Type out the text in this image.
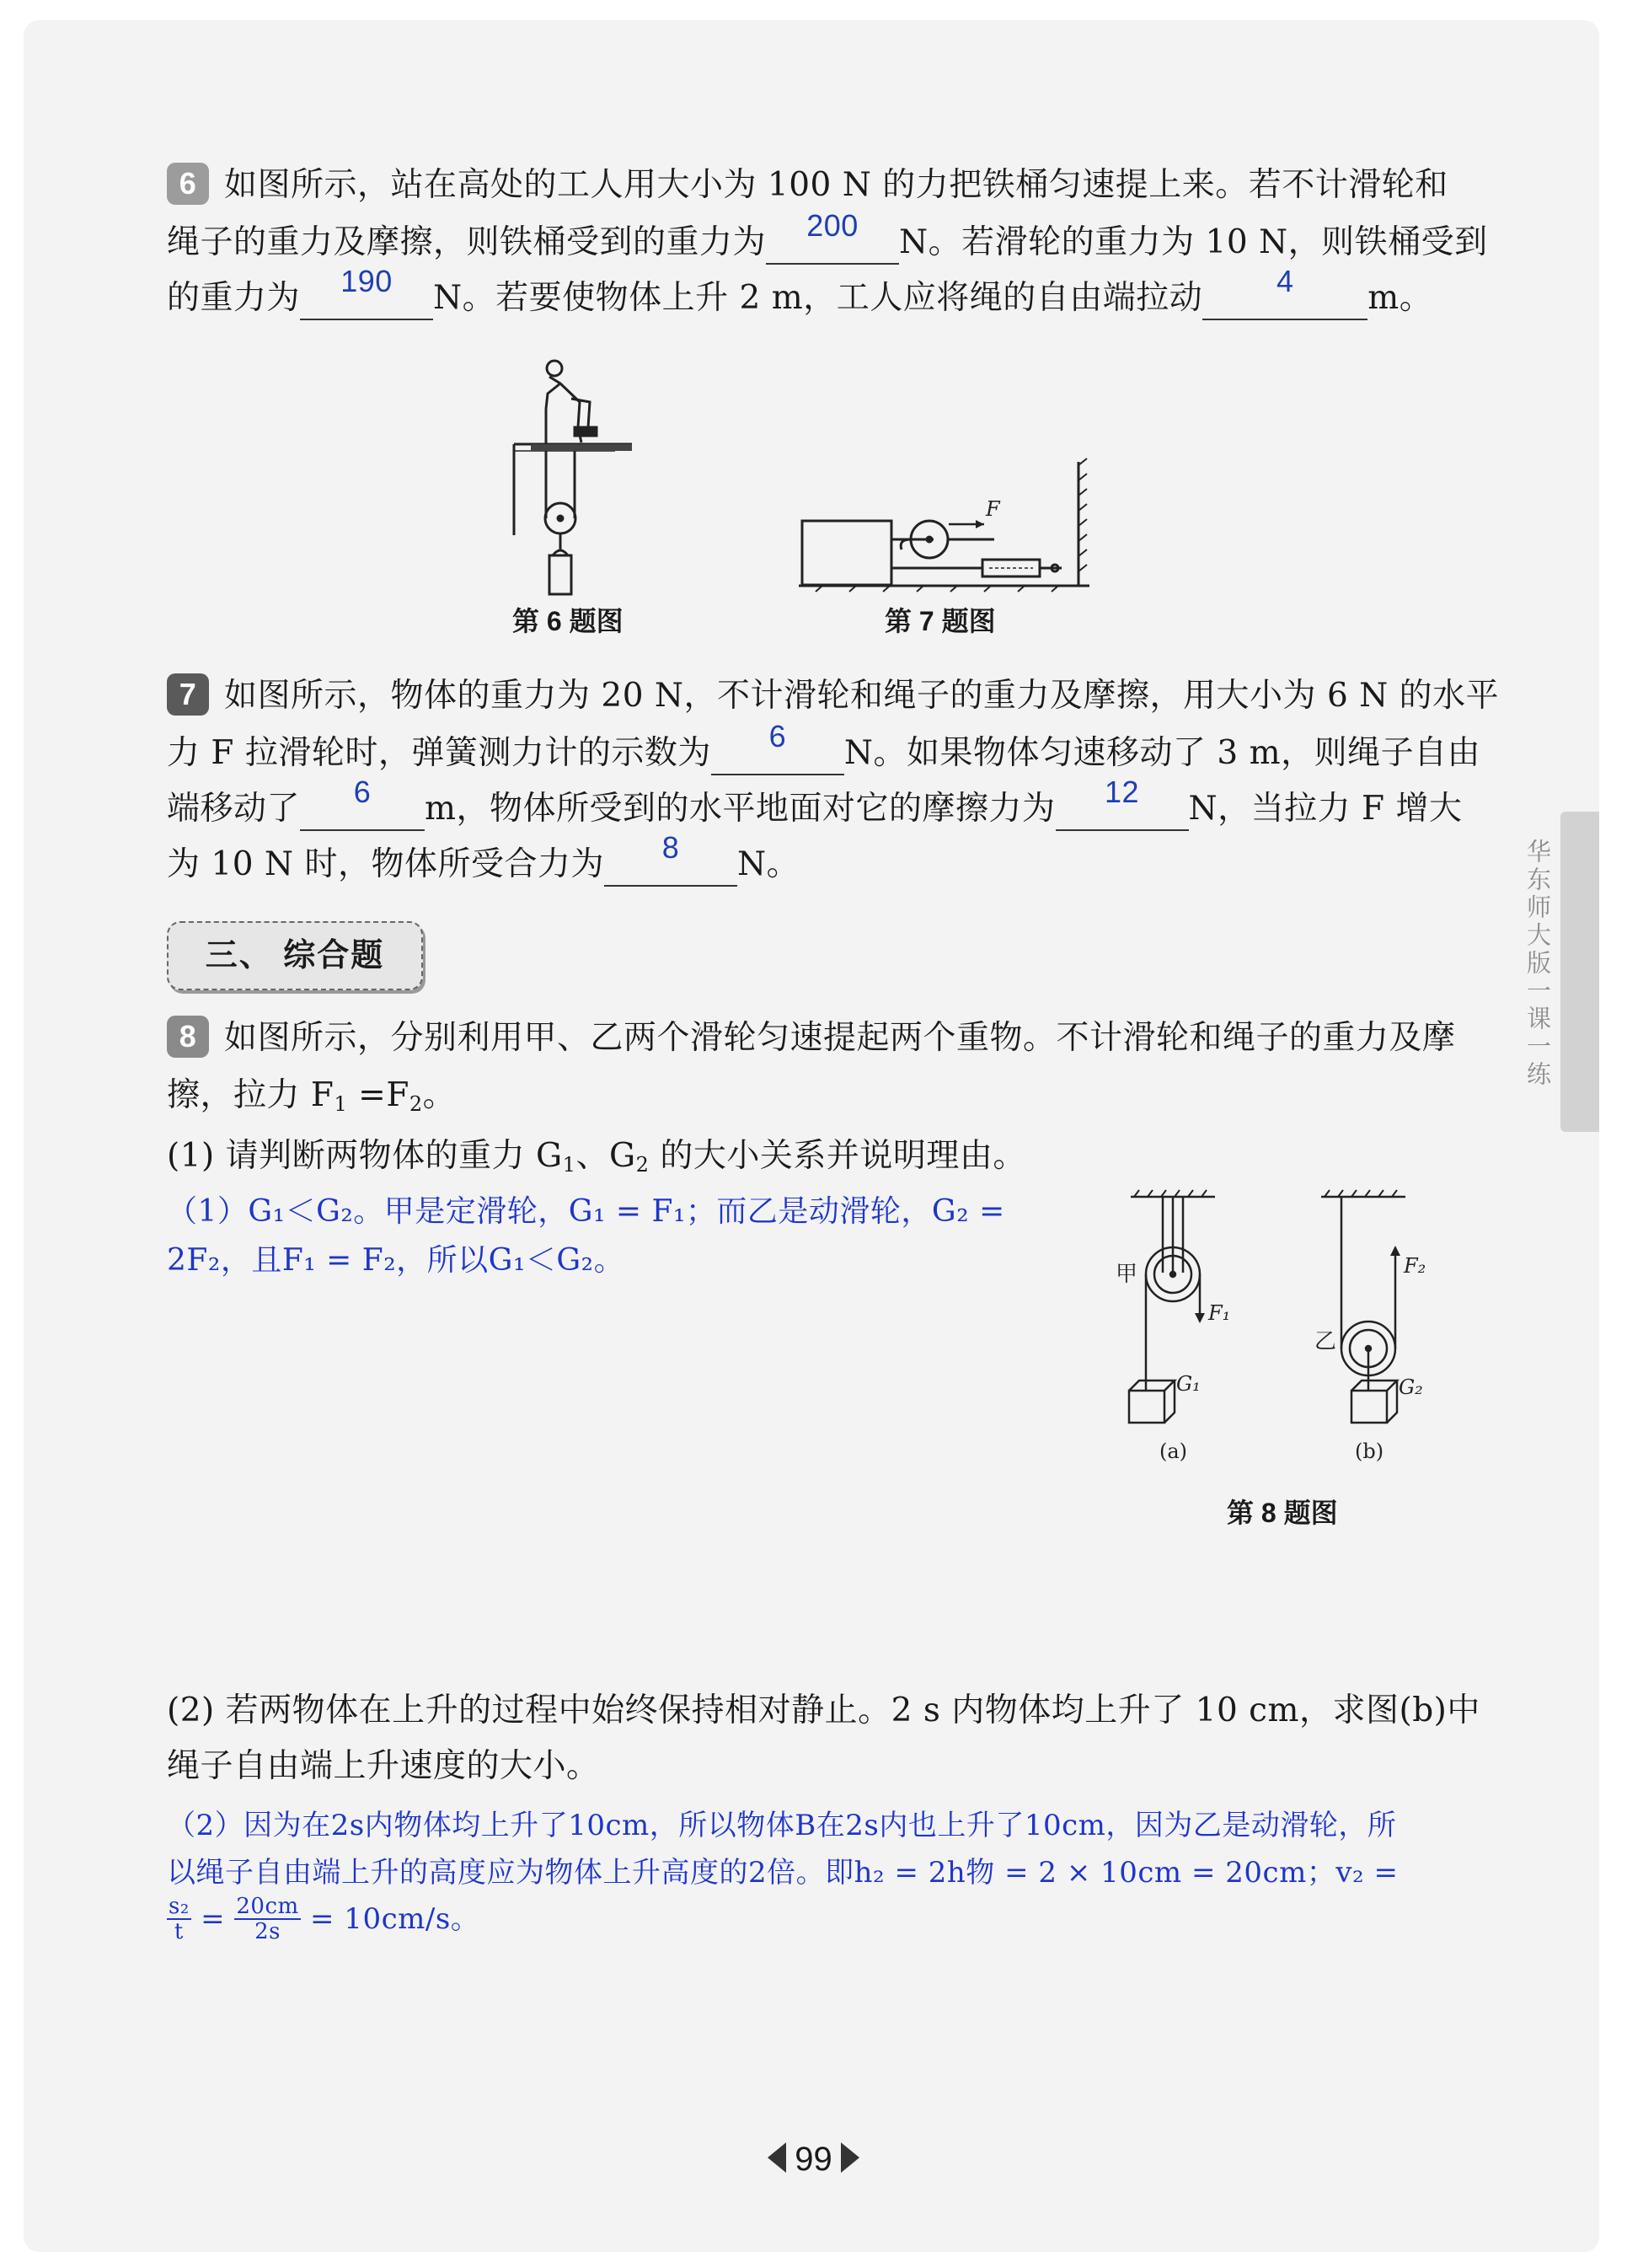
6 如图所示，站在高处的工人用大小为 100 N 的力把铁桶匀速提上来。若不计滑轮和
绳子的重力及摩擦，则铁桶受到的重力为	200	N。若滑轮的重力为 10 N，则铁桶受到
的重力为	190	N。若要使物体上升 2 m，工人应将绳的自由端拉动	4	m。
第 6 题图
F
第 7 题图
7 如图所示，物体的重力为 20 N，不计滑轮和绳子的重力及摩擦，用大小为 6 N 的水平
力 F 拉滑轮时，弹簧测力计的示数为	6	N。如果物体匀速移动了 3 m，则绳子自由
端移动了	6	m，物体所受到的水平地面对它的摩擦力为	12	N，当拉力 F 增大
为 10 N 时，物体所受合力为	8	N。
三、 综合题
8 如图所示，分别利用甲、乙两个滑轮匀速提起两个重物。不计滑轮和绳子的重力及摩
擦，拉力 $F_1 =F_2$。
(1) 请判断两物体的重力 $G_1$、$G_2$ 的大小关系并说明理由。
（1）G₁＜G₂。甲是定滑轮，G₁ = F₁；而乙是动滑轮，G₂ =
2F₂，且F₁ = F₂，所以G₁＜G₂。	甲
乙
F₁
F₂
G₁	G₂
(a)	(b)
第 8 题图
(2) 若两物体在上升的过程中始终保持相对静止。2 s 内物体均上升了 10 cm，求图(b)中
绳子自由端上升速度的大小。
（2）因为在2s内物体均上升了10cm，所以物体B在2s内也上升了10cm，因为乙是动滑轮，所
以绳子自由端上升的高度应为物体上升高度的2倍。即h₂ = 2h物 = 2 × 10cm = 20cm；v₂ =
$\frac{\text{s₂}}{t} = \frac{20cm}{2s} = 10cm/s$。
华东师大版一课一练
99
